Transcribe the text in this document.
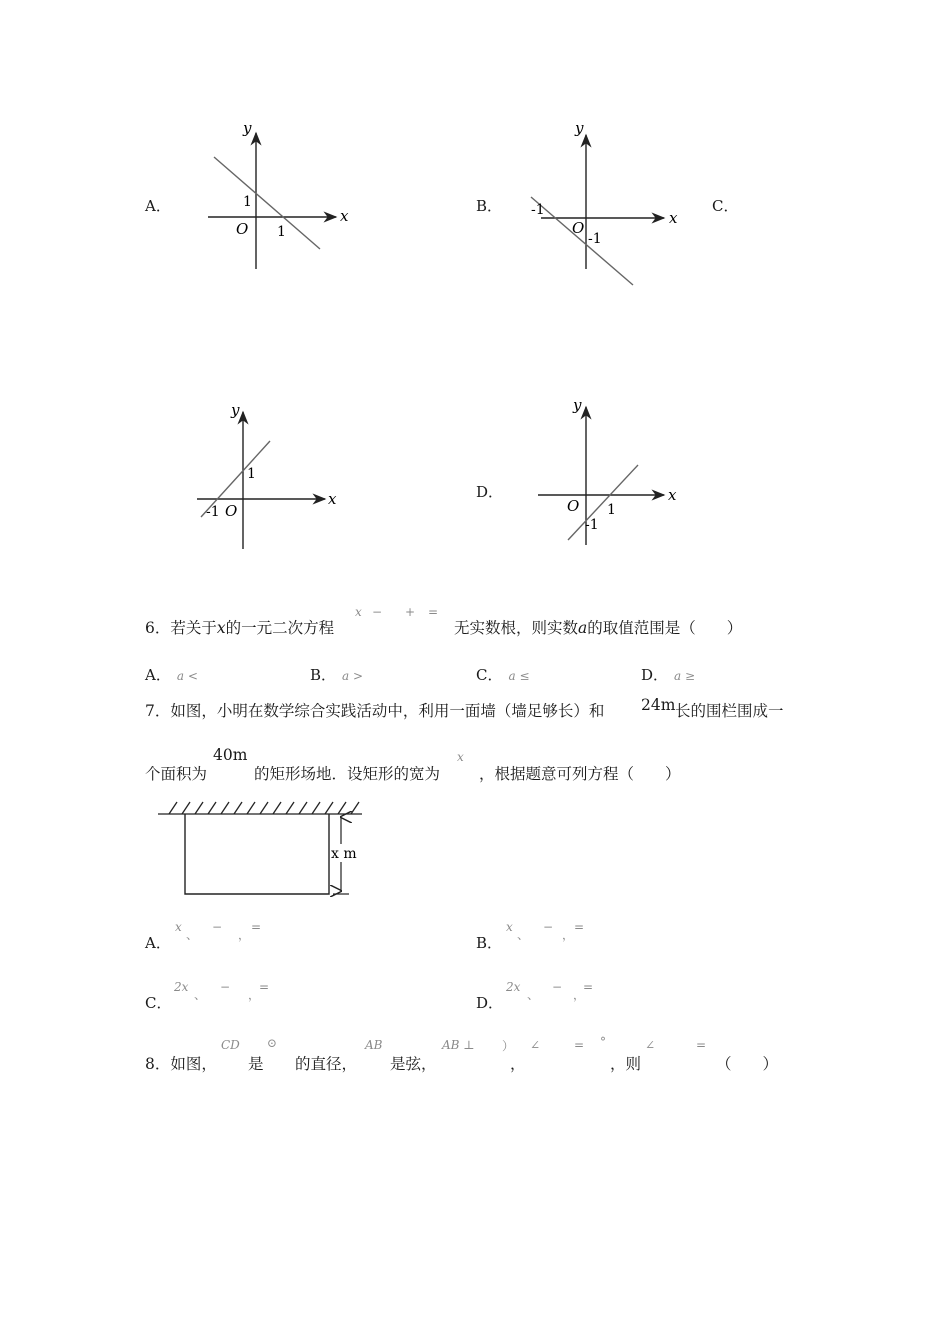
A．	B．	C．
D．
x
y
O
1
1
x
y
O
-1
-1
x
y
O
1
-1
x
y
O 1
-1
6．若关于x的一元二次方程
x − + =
无实数根，则实数a的取值范围是（　　）
A． a <	B． a >	C． a ≤	D． a ≥
7．如图，小明在数学综合实践活动中，利用一面墙（墙足够长）和 24m 长的围栏围成一
个面积为
40m
的矩形场地．设矩形的宽为
x
，根据题意可列方程（　　）
x m
A．
x
、
−
，
=
B．
x
、
−
，
=
C．
2x
、
−
，
=
D．
2x
、
−
，
=
8．如图，
CD
是
⊙
的直径，
AB
是弦，
AB ⊥ ）
，
∠	= °
，则
∠	=
（　　）
